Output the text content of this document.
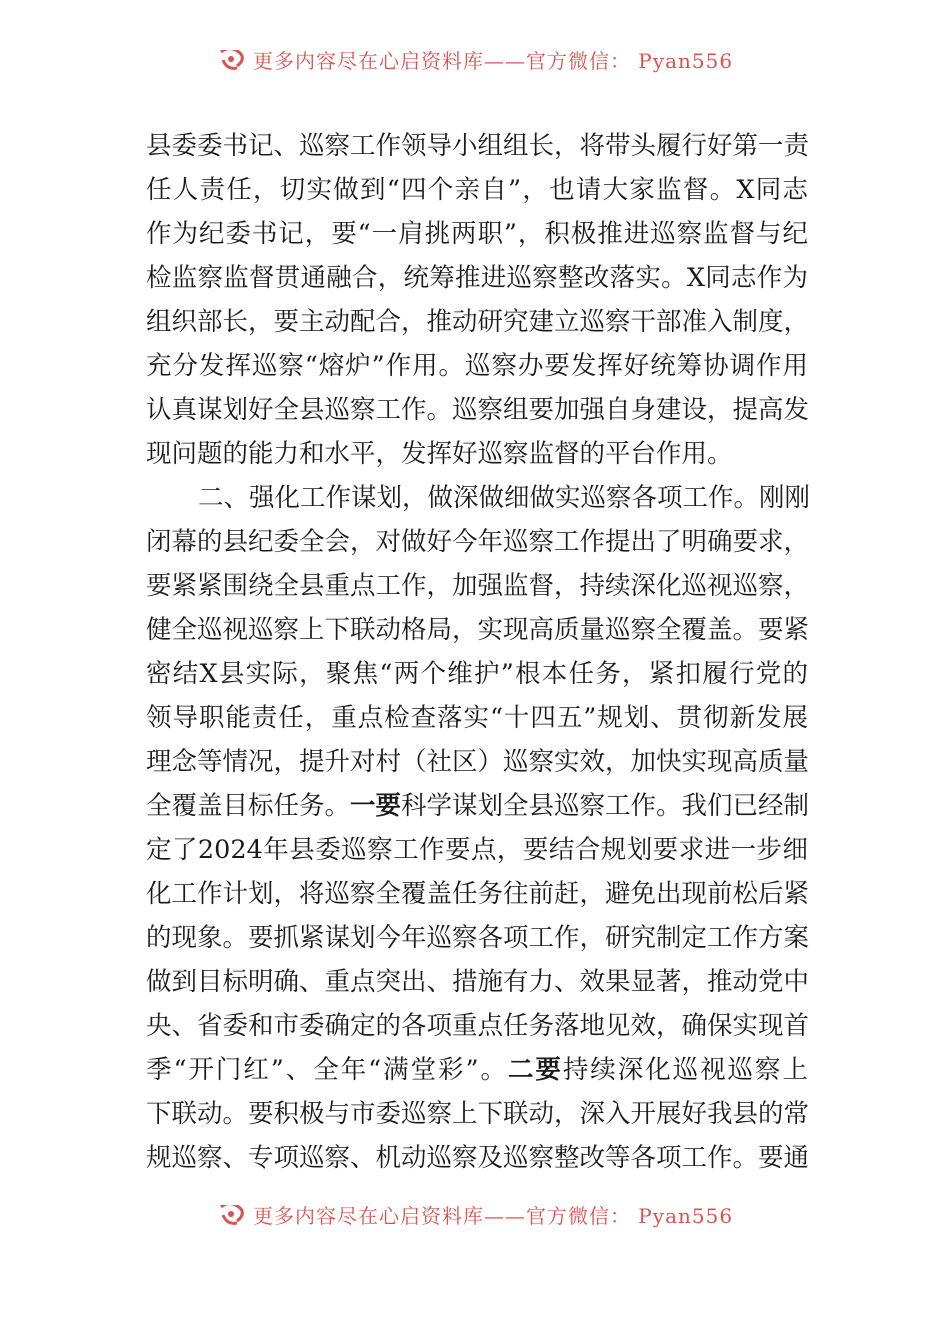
更多内容尽在心启资料库——官方微信： Pyan556
县委委书记、巡察工作领导小组组长，将带头履行好第一责
任人责任，切实做到“四个亲自”，也请大家监督。X同志
作为纪委书记，要“一肩挑两职”，积极推进巡察监督与纪
检监察监督贯通融合，统筹推进巡察整改落实。X同志作为
组织部长，要主动配合，推动研究建立巡察干部准入制度，
充分发挥巡察“熔炉”作用。巡察办要发挥好统筹协调作用
认真谋划好全县巡察工作。巡察组要加强自身建设，提高发
现问题的能力和水平，发挥好巡察监督的平台作用。
二、强化工作谋划，做深做细做实巡察各项工作。刚刚
闭幕的县纪委全会，对做好今年巡察工作提出了明确要求，
要紧紧围绕全县重点工作，加强监督，持续深化巡视巡察，
健全巡视巡察上下联动格局，实现高质量巡察全覆盖。要紧
密结X县实际，聚焦“两个维护”根本任务，紧扣履行党的
领导职能责任，重点检查落实“十四五”规划、贯彻新发展
理念等情况，提升对村（社区）巡察实效，加快实现高质量
全覆盖目标任务。一要科学谋划全县巡察工作。我们已经制
定了2024年县委巡察工作要点，要结合规划要求进一步细
化工作计划，将巡察全覆盖任务往前赶，避免出现前松后紧
的现象。要抓紧谋划今年巡察各项工作，研究制定工作方案
做到目标明确、重点突出、措施有力、效果显著，推动党中
央、省委和市委确定的各项重点任务落地见效，确保实现首
季“开门红”、全年“满堂彩”。二要持续深化巡视巡察上
下联动。要积极与市委巡察上下联动，深入开展好我县的常
规巡察、专项巡察、机动巡察及巡察整改等各项工作。要通
更多内容尽在心启资料库——官方微信： Pyan556
